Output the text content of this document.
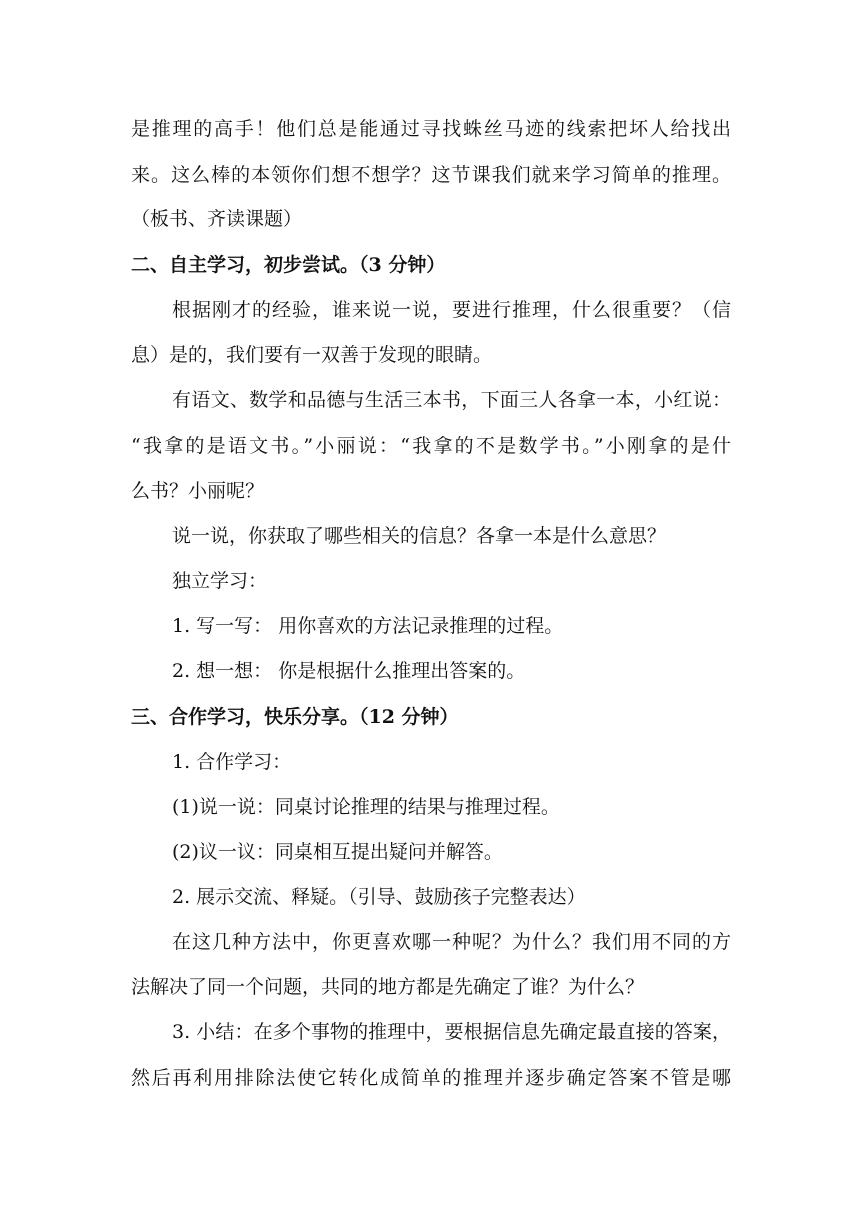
是推理的高手！他们总是能通过寻找蛛丝马迹的线索把坏人给找出
来。这么棒的本领你们想不想学？这节课我们就来学习简单的推理。
（板书、齐读课题）
二、自主学习，初步尝试。（3 分钟）
根据刚才的经验，谁来说一说，要进行推理，什么很重要？（信
息）是的，我们要有一双善于发现的眼睛。
有语文、数学和品德与生活三本书，下面三人各拿一本，小红说：
“我拿的是语文书。”小丽说：“我拿的不是数学书。”小刚拿的是什
么书？小丽呢？
说一说，你获取了哪些相关的信息？各拿一本是什么意思？
独立学习：
1. 写一写： 用你喜欢的方法记录推理的过程。
2. 想一想： 你是根据什么推理出答案的。
三、合作学习，快乐分享。（12 分钟）
1. 合作学习：
(1)说一说：同桌讨论推理的结果与推理过程。
(2)议一议：同桌相互提出疑问并解答。
2. 展示交流、释疑。（引导、鼓励孩子完整表达）
在这几种方法中，你更喜欢哪一种呢？为什么？我们用不同的方
法解决了同一个问题，共同的地方都是先确定了谁？为什么？
3. 小结：在多个事物的推理中，要根据信息先确定最直接的答案，
然后再利用排除法使它转化成简单的推理并逐步确定答案不管是哪
